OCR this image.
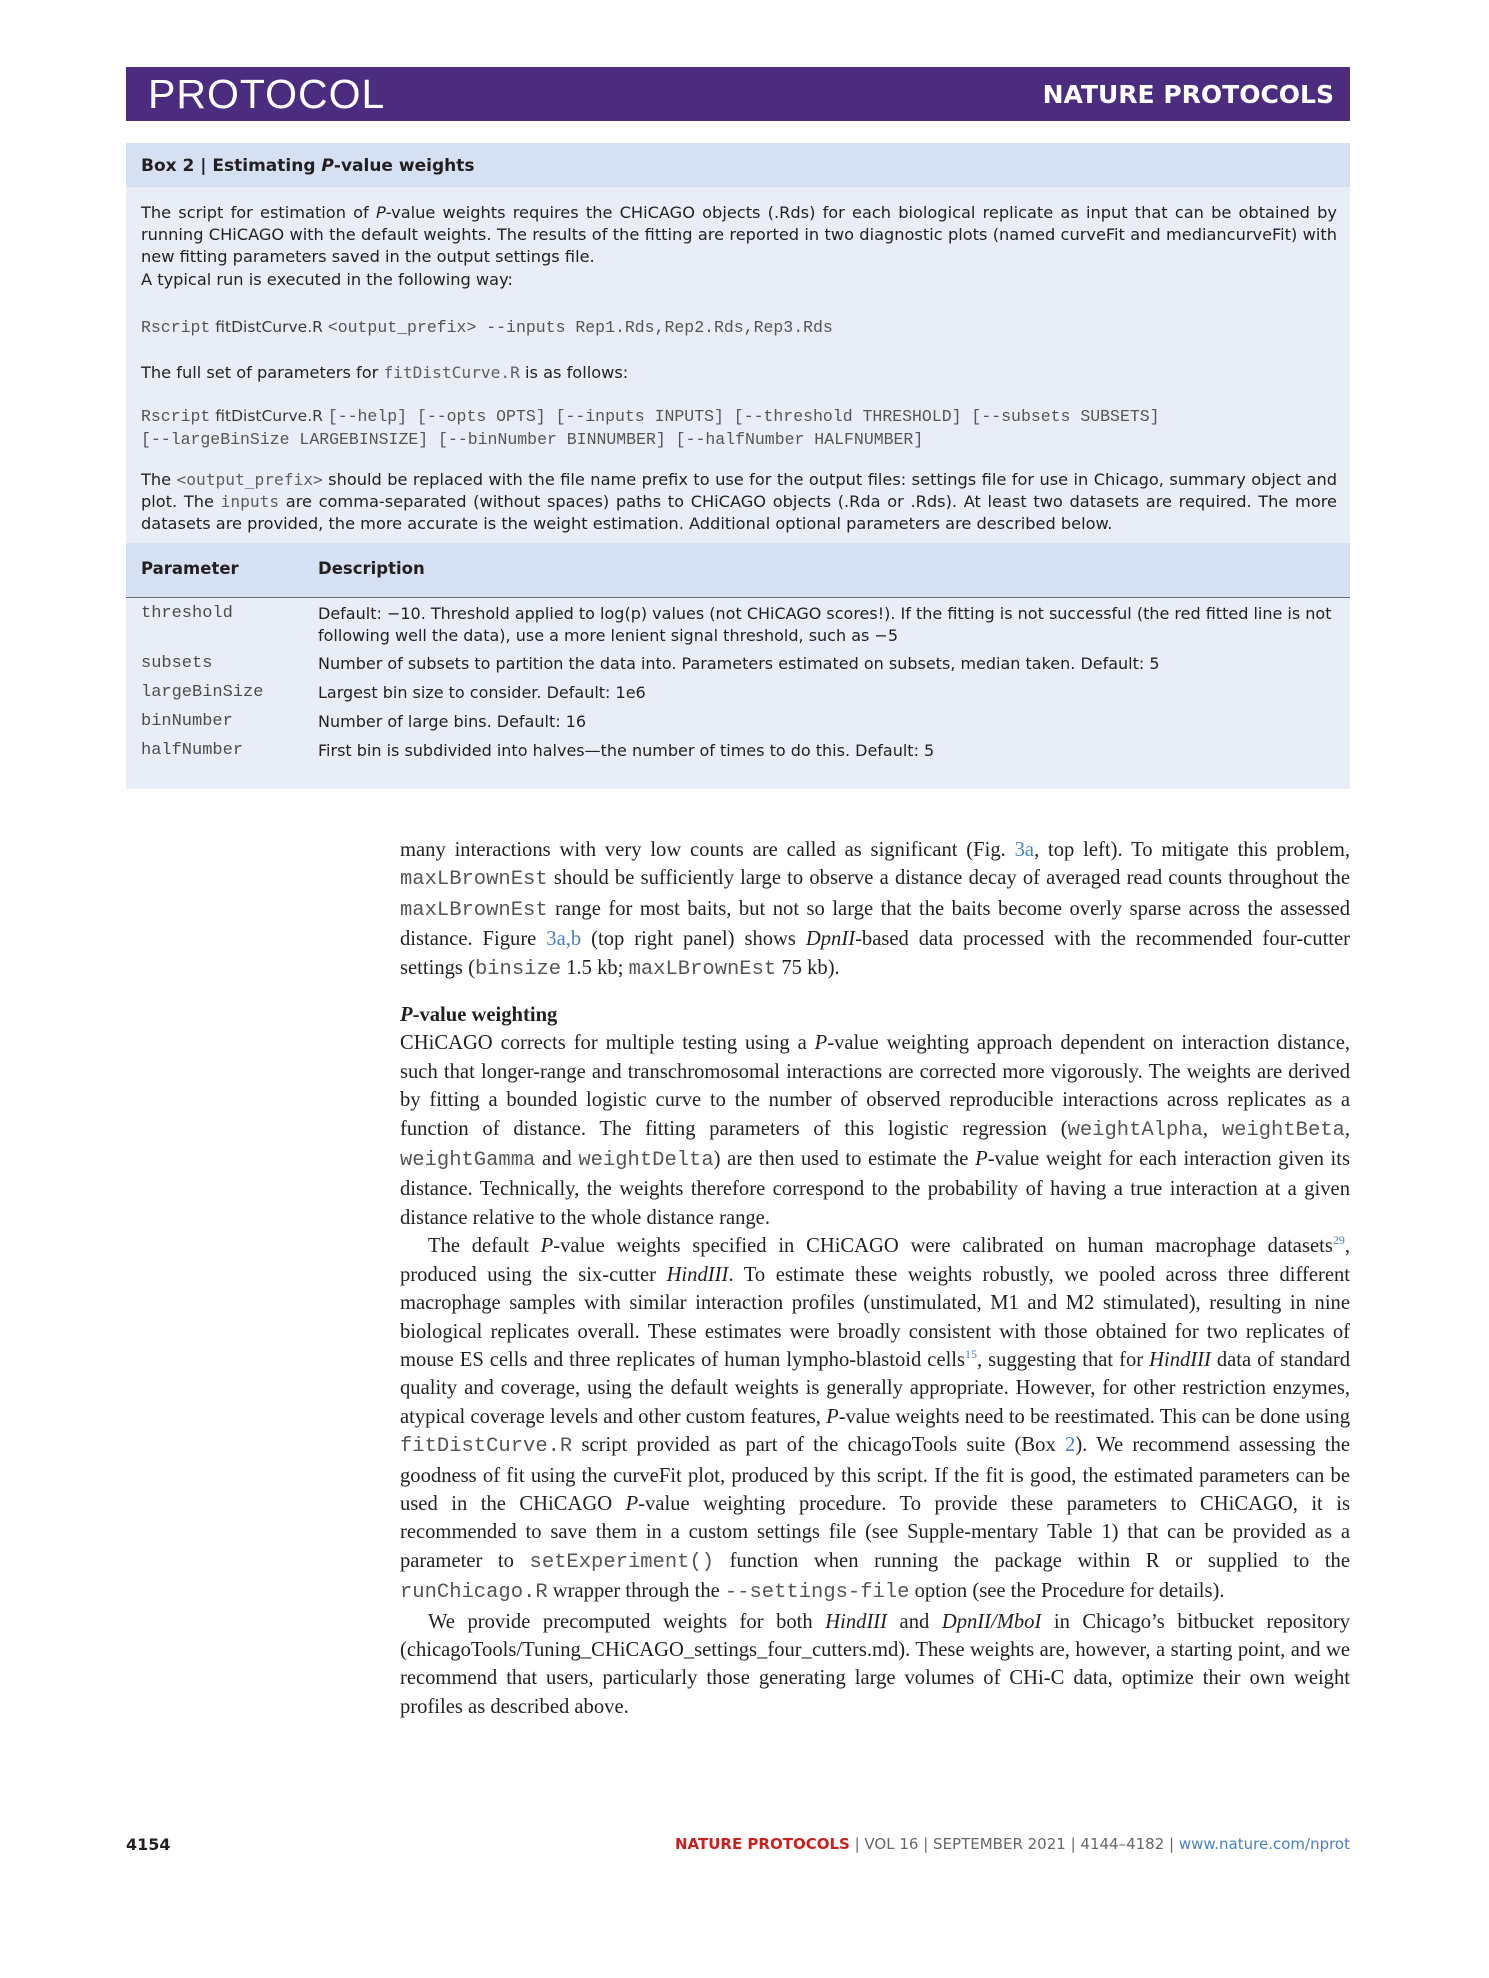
PROTOCOL	NATURE PROTOCOLS
Box 2 | Estimating P-value weights
The script for estimation of P-value weights requires the CHiCAGO objects (.Rds) for each biological replicate as input that can be obtained by running CHiCAGO with the default weights. The results of the fitting are reported in two diagnostic plots (named curveFit and mediancurveFit) with new fitting parameters saved in the output settings file.
A typical run is executed in the following way:
Rscript fitDistCurve.R <output_prefix> --inputs Rep1.Rds,Rep2.Rds,Rep3.Rds
The full set of parameters for fitDistCurve.R is as follows:
Rscript fitDistCurve.R [--help] [--opts OPTS] [--inputs INPUTS] [--threshold THRESHOLD] [--subsets SUBSETS]
[--largeBinSize LARGEBINSIZE] [--binNumber BINNUMBER] [--halfNumber HALFNUMBER]
The <output_prefix> should be replaced with the file name prefix to use for the output files: settings file for use in Chicago, summary object and plot. The inputs are comma-separated (without spaces) paths to CHiCAGO objects (.Rda or .Rds). At least two datasets are required. The more datasets are provided, the more accurate is the weight estimation. Additional optional parameters are described below.
Parameter	Description
threshold	Default: −10. Threshold applied to log(p) values (not CHiCAGO scores!). If the fitting is not successful (the red fitted line is not following well the data), use a more lenient signal threshold, such as −5
subsets	Number of subsets to partition the data into. Parameters estimated on subsets, median taken. Default: 5
largeBinSize	Largest bin size to consider. Default: 1e6
binNumber	Number of large bins. Default: 16
halfNumber	First bin is subdivided into halves—the number of times to do this. Default: 5

many interactions with very low counts are called as significant (Fig. 3a, top left). To mitigate this problem, maxLBrownEst should be sufficiently large to observe a distance decay of averaged read counts throughout the maxLBrownEst range for most baits, but not so large that the baits become overly sparse across the assessed distance. Figure 3a,b (top right panel) shows DpnII-based data processed with the recommended four-cutter settings (binsize 1.5 kb; maxLBrownEst 75 kb).

P-value weighting

CHiCAGO corrects for multiple testing using a P-value weighting approach dependent on interaction distance, such that longer-range and transchromosomal interactions are corrected more vigorously. The weights are derived by fitting a bounded logistic curve to the number of observed reproducible interactions across replicates as a function of distance. The fitting parameters of this logistic regression (weightAlpha, weightBeta, weightGamma and weightDelta) are then used to estimate the P-value weight for each interaction given its distance. Technically, the weights therefore correspond to the probability of having a true interaction at a given distance relative to the whole distance range.

The default P-value weights specified in CHiCAGO were calibrated on human macrophage datasets$^{29}$, produced using the six-cutter HindIII. To estimate these weights robustly, we pooled across three different macrophage samples with similar interaction profiles (unstimulated, M1 and M2 stimulated), resulting in nine biological replicates overall. These estimates were broadly consistent with those obtained for two replicates of mouse ES cells and three replicates of human lympho-blastoid cells$^{15}$, suggesting that for HindIII data of standard quality and coverage, using the default weights is generally appropriate. However, for other restriction enzymes, atypical coverage levels and other custom features, P-value weights need to be reestimated. This can be done using fitDistCurve.R script provided as part of the chicagoTools suite (Box 2). We recommend assessing the goodness of fit using the curveFit plot, produced by this script. If the fit is good, the estimated parameters can be used in the CHiCAGO P-value weighting procedure. To provide these parameters to CHiCAGO, it is recommended to save them in a custom settings file (see Supple-mentary Table 1) that can be provided as a parameter to setExperiment() function when running the package within R or supplied to the runChicago.R wrapper through the --settings-file option (see the Procedure for details).

We provide precomputed weights for both HindIII and DpnII/MboI in Chicago’s bitbucket repository (chicagoTools/Tuning_CHiCAGO_settings_four_cutters.md). These weights are, however, a starting point, and we recommend that users, particularly those generating large volumes of CHi-C data, optimize their own weight profiles as described above.

4154	NATURE PROTOCOLS | VOL 16 | SEPTEMBER 2021 | 4144–4182 | www.nature.com/nprot
